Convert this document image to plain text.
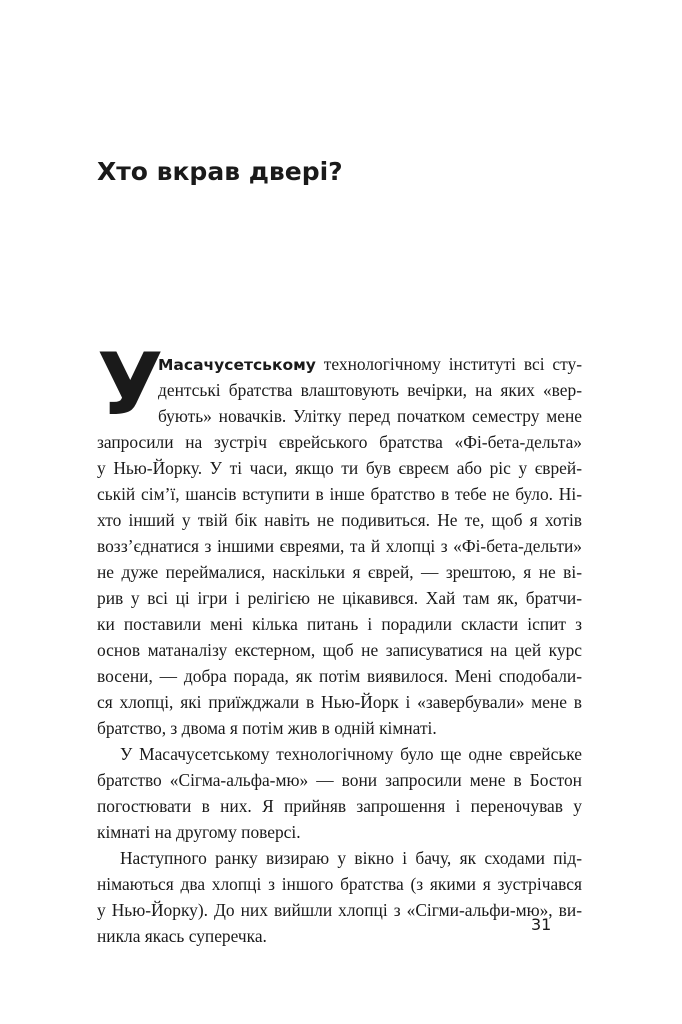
Хто вкрав двері?
У
Масачусетському технологічному інституті всі сту-
дентські братства влаштовують вечірки, на яких «вер-
бують» новачків. Улітку перед початком семестру мене
запросили на зустріч єврейського братства «Фі-бета-дельта»
у Нью-Йорку. У ті часи, якщо ти був євреєм або ріс у єврей-
ській сім’ї, шансів вступити в інше братство в тебе не було. Ні-
хто інший у твій бік навіть не подивиться. Не те, щоб я хотів
возз’єднатися з іншими євреями, та й хлопці з «Фі-бета-дельти»
не дуже переймалися, наскільки я єврей, — зрештою, я не ві-
рив у всі ці ігри і релігією не цікавився. Хай там як, братчи-
ки поставили мені кілька питань і порадили скласти іспит з
основ матаналізу екстерном, щоб не записуватися на цей курс
восени, — добра порада, як потім виявилося. Мені сподобали-
ся хлопці, які приїжджали в Нью-Йорк і «завербували» мене в
братство, з двома я потім жив в одній кімнаті.
У Масачусетському технологічному було ще одне єврейське
братство «Сігма-альфа-мю» — вони запросили мене в Бостон
погостювати в них. Я прийняв запрошення і переночував у
кімнаті на другому поверсі.
Наступного ранку визираю у вікно і бачу, як сходами під-
німаються два хлопці з іншого братства (з якими я зустрічався
у Нью-Йорку). До них вийшли хлопці з «Сігми-альфи-мю», ви-
никла якась суперечка.
31
